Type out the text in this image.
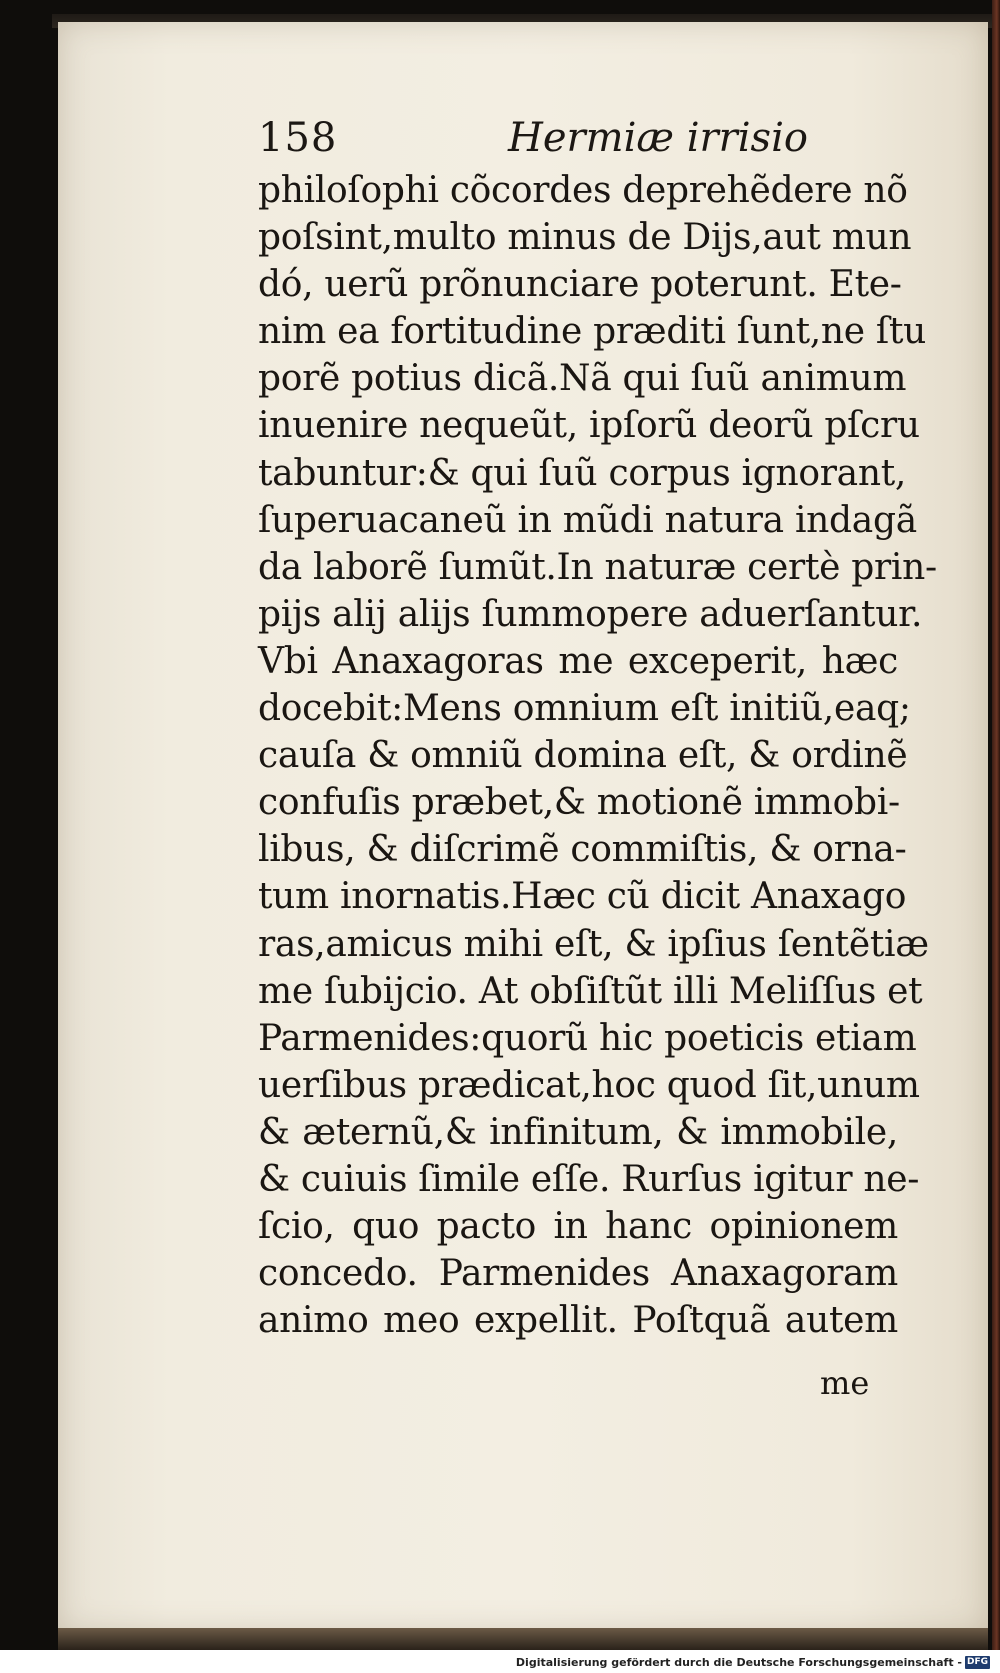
158	Hermiæ irrisio
philoſophi cõcordes deprehẽdere nõ
poſsint,multo minus de Dijs,aut mun
dó, uerũ prõnunciare poterunt. Ete-
nim ea fortitudine præditi ſunt,ne ſtu
porẽ potius dicã.Nã qui ſuũ animum
inuenire nequeũt, ipſorũ deorũ pſcru
tabuntur:& qui ſuũ corpus ignorant,
ſuperuacaneũ in mũdi natura indagã
da laborẽ ſumũt.In naturæ certè prin-
pijs alij alijs ſummopere aduerſantur.
Vbi Anaxagoras me exceperit, hæc
docebit:Mens omnium eſt initiũ,eaq;
cauſa & omniũ domina eſt, & ordinẽ
confuſis præbet,& motionẽ immobi-
libus, & diſcrimẽ commiſtis, & orna-
tum inornatis.Hæc cũ dicit Anaxago
ras,amicus mihi eſt, & ipſius ſentẽtiæ
me ſubijcio. At obſiſtũt illi Meliſſus et
Parmenides:quorũ hic poeticis etiam
uerſibus prædicat,hoc quod ſit,unum
& æternũ,& infinitum, & immobile,
& cuiuis ſimile eſſe. Rurſus igitur ne-
ſcio, quo pacto in hanc opinionem
concedo. Parmenides Anaxagoram
animo meo expellit. Poſtquã autem
me
Digitalisierung gefördert durch die Deutsche Forschungsgemeinschaft - DFG
